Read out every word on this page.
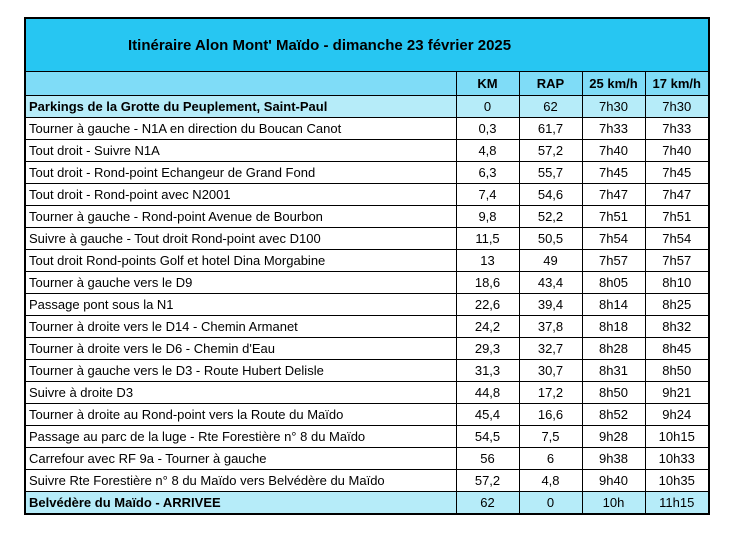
Itinéraire Alon Mont' Maïdo - dimanche 23 février 2025
	KM	RAP	25 km/h	17 km/h
Parkings de la Grotte du Peuplement, Saint-Paul	0	62	7h30	7h30
Tourner à gauche - N1A en direction du Boucan Canot	0,3	61,7	7h33	7h33
Tout droit - Suivre N1A	4,8	57,2	7h40	7h40
Tout droit - Rond-point Echangeur de Grand Fond	6,3	55,7	7h45	7h45
Tout droit - Rond-point avec N2001	7,4	54,6	7h47	7h47
Tourner à gauche - Rond-point Avenue de Bourbon	9,8	52,2	7h51	7h51
Suivre à gauche - Tout droit Rond-point avec D100	11,5	50,5	7h54	7h54
Tout droit Rond-points Golf et hotel Dina Morgabine	13	49	7h57	7h57
Tourner à gauche vers le D9	18,6	43,4	8h05	8h10
Passage pont sous la N1	22,6	39,4	8h14	8h25
Tourner à droite vers le D14 - Chemin Armanet	24,2	37,8	8h18	8h32
Tourner à droite vers le D6 - Chemin d'Eau	29,3	32,7	8h28	8h45
Tourner à gauche vers le D3 - Route Hubert Delisle	31,3	30,7	8h31	8h50
Suivre à droite D3	44,8	17,2	8h50	9h21
Tourner à droite au Rond-point vers la Route du Maïdo	45,4	16,6	8h52	9h24
Passage au parc de la luge - Rte Forestière n° 8 du Maïdo	54,5	7,5	9h28	10h15
Carrefour avec RF 9a - Tourner à gauche	56	6	9h38	10h33
Suivre Rte Forestière n° 8 du Maïdo vers Belvédère du Maïdo	57,2	4,8	9h40	10h35
Belvédère du Maïdo - ARRIVEE	62	0	10h	11h15
